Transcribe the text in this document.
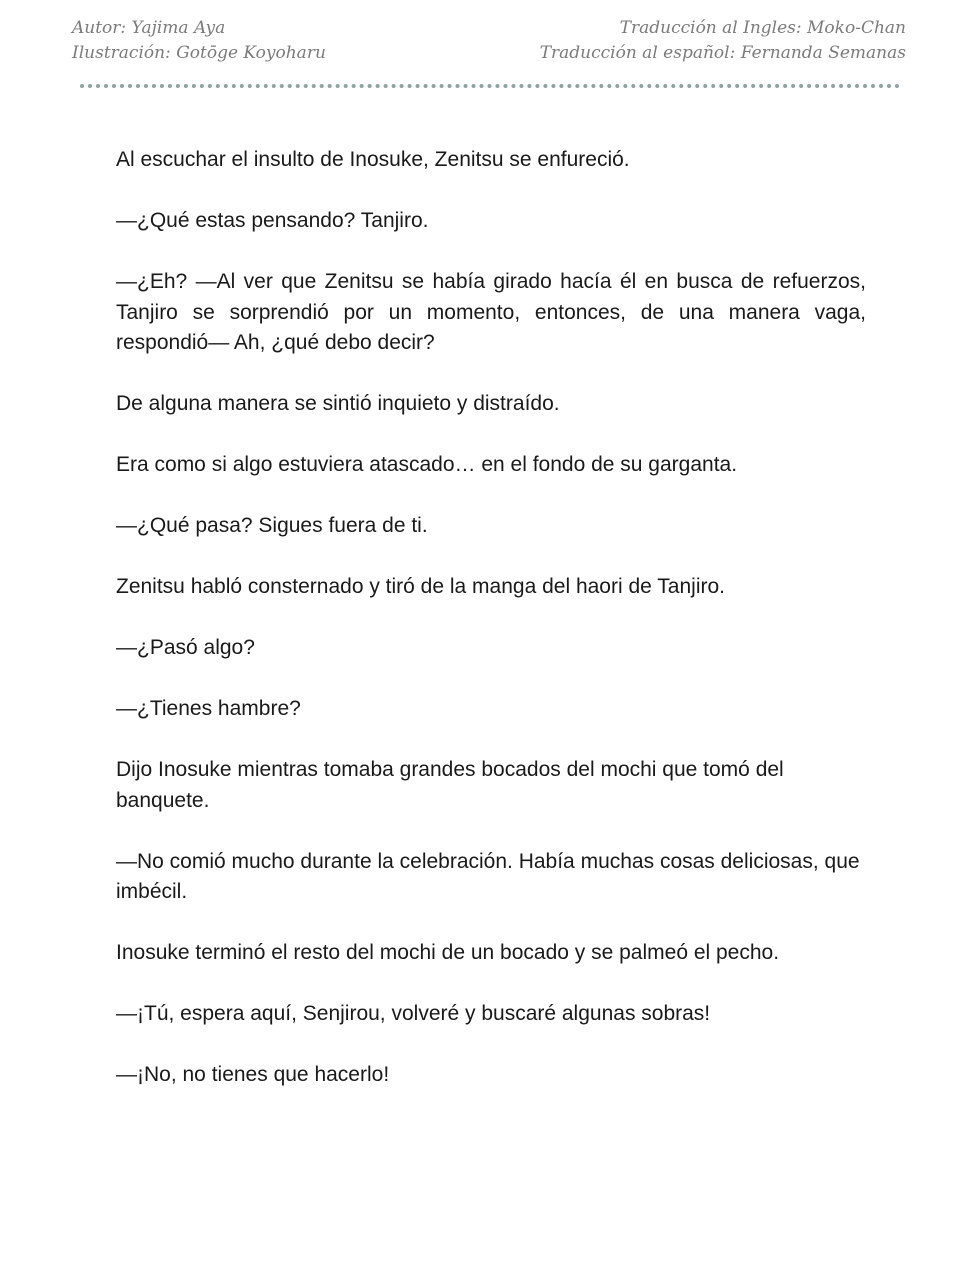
Autor: Yajima Aya
Ilustración: Gotōge Koyoharu
Traducción al Ingles: Moko-Chan
Traducción al español: Fernanda Semanas

Al escuchar el insulto de Inosuke, Zenitsu se enfureció.

—¿Qué estas pensando? Tanjiro.

—¿Eh? —Al ver que Zenitsu se había girado hacía él en busca de refuerzos, Tanjiro se sorprendió por un momento, entonces, de una manera vaga, respondió— Ah, ¿qué debo decir?

De alguna manera se sintió inquieto y distraído.

Era como si algo estuviera atascado… en el fondo de su garganta.

—¿Qué pasa? Sigues fuera de ti.

Zenitsu habló consternado y tiró de la manga del haori de Tanjiro.

—¿Pasó algo?

—¿Tienes hambre?

Dijo Inosuke mientras tomaba grandes bocados del mochi que tomó del banquete.

—No comió mucho durante la celebración. Había muchas cosas deliciosas, que imbécil.

Inosuke terminó el resto del mochi de un bocado y se palmeó el pecho.

—¡Tú, espera aquí, Senjirou, volveré y buscaré algunas sobras!

—¡No, no tienes que hacerlo!
